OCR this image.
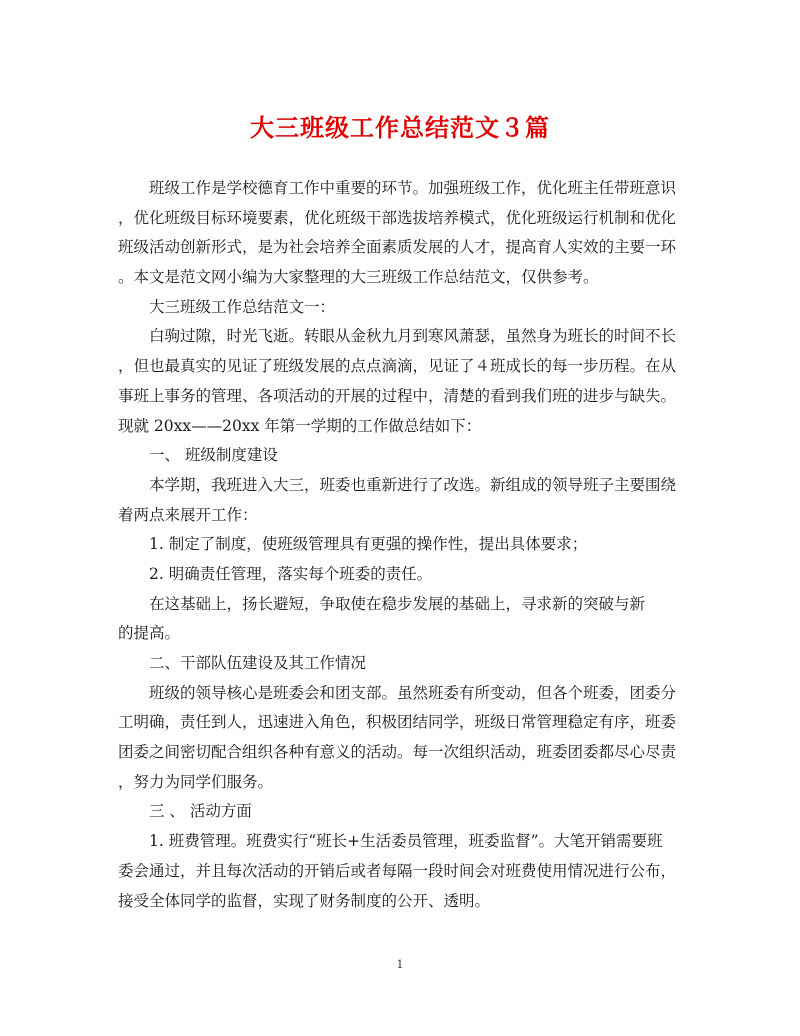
大三班级工作总结范文３篇
班级工作是学校德育工作中重要的环节。加强班级工作，优化班主任带班意识
，优化班级目标环境要素，优化班级干部选拔培养模式，优化班级运行机制和优化
班级活动创新形式，是为社会培养全面素质发展的人才，提高育人实效的主要一环
。本文是范文网小编为大家整理的大三班级工作总结范文，仅供参考。
大三班级工作总结范文一：
白驹过隙，时光飞逝。转眼从金秋九月到寒风萧瑟，虽然身为班长的时间不长
，但也最真实的见证了班级发展的点点滴滴，见证了４班成长的每一步历程。在从
事班上事务的管理、各项活动的开展的过程中，清楚的看到我们班的进步与缺失。
现就 20xx——20xx 年第一学期的工作做总结如下：
一、 班级制度建设
本学期，我班进入大三，班委也重新进行了改选。新组成的领导班子主要围绕
着两点来展开工作：
1. 制定了制度，使班级管理具有更强的操作性，提出具体要求；
2. 明确责任管理，落实每个班委的责任。
在这基础上，扬长避短，争取使在稳步发展的基础上，寻求新的突破与新
的提高。
二、干部队伍建设及其工作情况
班级的领导核心是班委会和团支部。虽然班委有所变动，但各个班委，团委分
工明确，责任到人，迅速进入角色，积极团结同学，班级日常管理稳定有序，班委
团委之间密切配合组织各种有意义的活动。每一次组织活动，班委团委都尽心尽责
，努力为同学们服务。
三 、 活动方面
1. 班费管理。班费实行“班长+生活委员管理，班委监督”。大笔开销需要班
委会通过，并且每次活动的开销后或者每隔一段时间会对班费使用情况进行公布，
接受全体同学的监督，实现了财务制度的公开、透明。
1
